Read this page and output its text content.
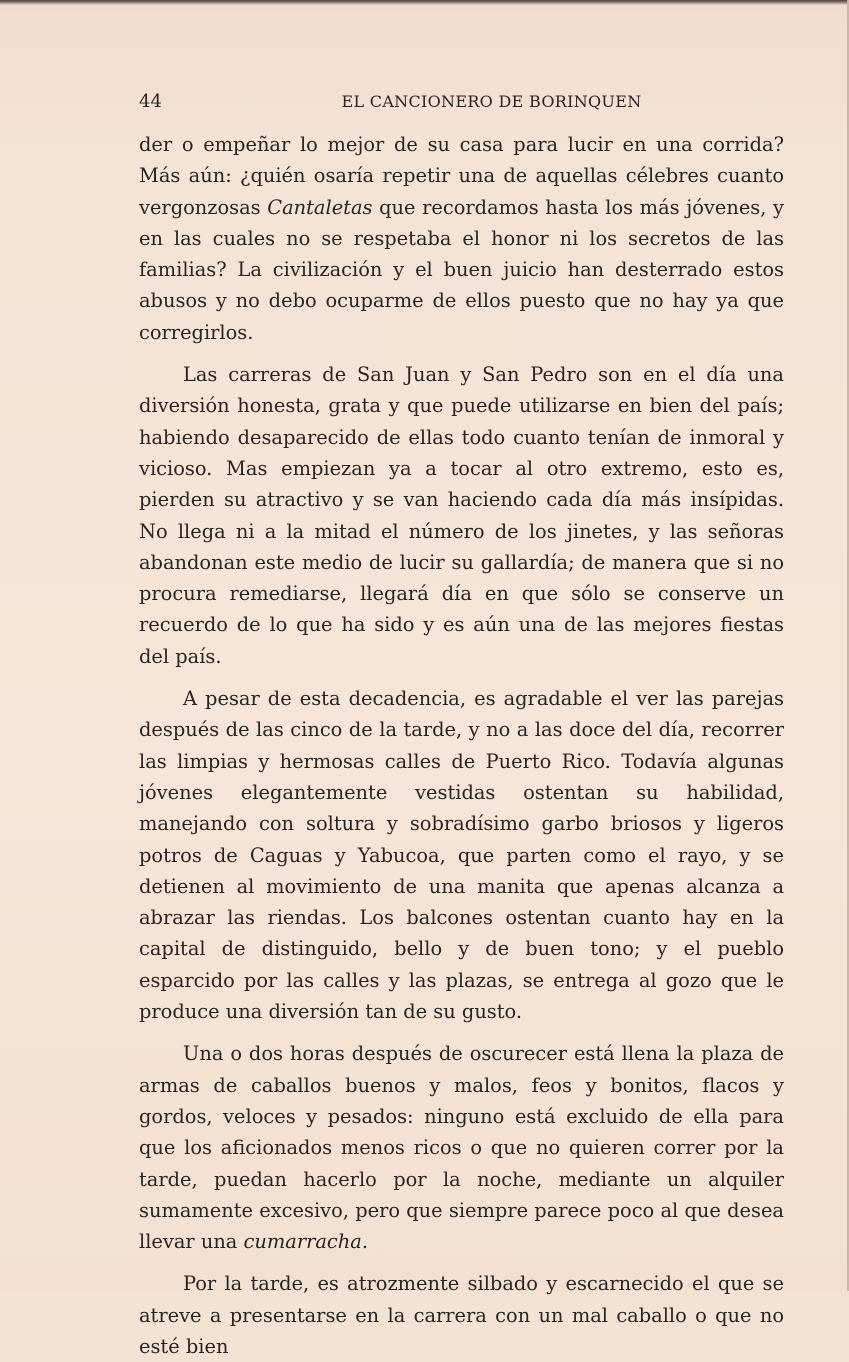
44	EL CANCIONERO DE BORINQUEN

der o empeñar lo mejor de su casa para lucir en una corrida? Más aún: ¿quién osaría repetir una de aquellas célebres cuanto vergonzosas Cantaletas que recordamos hasta los más jóvenes, y en las cuales no se respetaba el honor ni los secretos de las familias? La civilización y el buen juicio han desterrado estos abusos y no debo ocuparme de ellos puesto que no hay ya que corregirlos.

Las carreras de San Juan y San Pedro son en el día una diversión honesta, grata y que puede utilizarse en bien del país; habiendo desaparecido de ellas todo cuanto tenían de inmoral y vicioso. Mas empiezan ya a tocar al otro extremo, esto es, pierden su atractivo y se van haciendo cada día más insípidas. No llega ni a la mitad el número de los jinetes, y las señoras abandonan este medio de lucir su gallardía; de manera que si no procura remediarse, llegará día en que sólo se conserve un recuerdo de lo que ha sido y es aún una de las mejores fiestas del país.

A pesar de esta decadencia, es agradable el ver las parejas después de las cinco de la tarde, y no a las doce del día, recorrer las limpias y hermosas calles de Puerto Rico. Todavía algunas jóvenes elegantemente vestidas ostentan su habilidad, manejando con soltura y sobradísimo garbo briosos y ligeros potros de Caguas y Yabucoa, que parten como el rayo, y se detienen al movimiento de una manita que apenas alcanza a abrazar las riendas. Los balcones ostentan cuanto hay en la capital de distinguido, bello y de buen tono; y el pueblo esparcido por las calles y las plazas, se entrega al gozo que le produce una diversión tan de su gusto.

Una o dos horas después de oscurecer está llena la plaza de armas de caballos buenos y malos, feos y bonitos, flacos y gordos, veloces y pesados: ninguno está excluido de ella para que los aficionados menos ricos o que no quieren correr por la tarde, puedan hacerlo por la noche, mediante un alquiler sumamente excesivo, pero que siempre parece poco al que desea llevar una cumarracha.

Por la tarde, es atrozmente silbado y escarnecido el que se atreve a presentarse en la carrera con un mal caballo o que no esté bien
